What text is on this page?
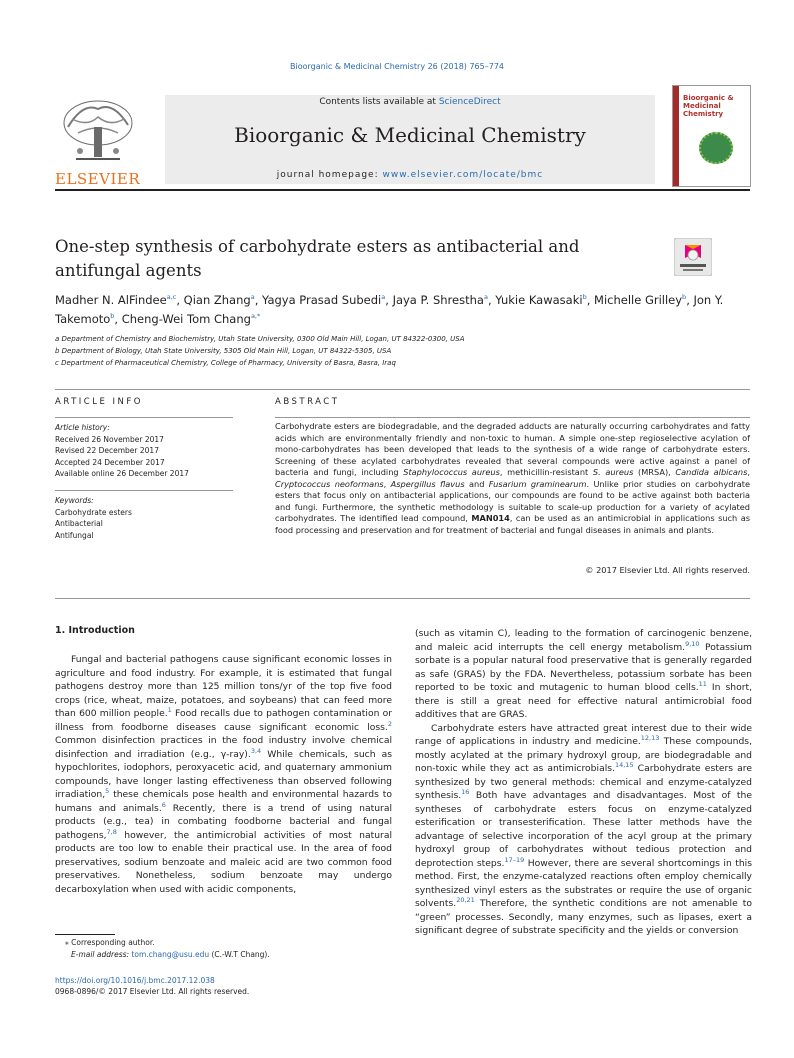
Bioorganic & Medicinal Chemistry 26 (2018) 765–774
ELSEVIER
Contents lists available at ScienceDirect
Bioorganic & Medicinal Chemistry
journal homepage: www.elsevier.com/locate/bmc
Bioorganic & Medicinal Chemistry
One-step synthesis of carbohydrate esters as antibacterial and antifungal agents
Madher N. AlFindee$^{a,c}$, Qian Zhang$^a$, Yagya Prasad Subedi$^a$, Jaya P. Shrestha$^a$, Yukie Kawasaki$^b$, Michelle Grilley$^b$, Jon Y. Takemoto$^b$, Cheng-Wei Tom Chang$^{a,*}$
a Department of Chemistry and Biochemistry, Utah State University, 0300 Old Main Hill, Logan, UT 84322-0300, USA
b Department of Biology, Utah State University, 5305 Old Main Hill, Logan, UT 84322-5305, USA
c Department of Pharmaceutical Chemistry, College of Pharmacy, University of Basra, Basra, Iraq
ARTICLE INFO	ABSTRACT
Article history:
Received 26 November 2017
Revised 22 December 2017
Accepted 24 December 2017
Available online 26 December 2017
Keywords:
Carbohydrate esters
Antibacterial
Antifungal
Carbohydrate esters are biodegradable, and the degraded adducts are naturally occurring carbohydrates and fatty acids which are environmentally friendly and non-toxic to human. A simple one-step regioselective acylation of mono-carbohydrates has been developed that leads to the synthesis of a wide range of carbohydrate esters. Screening of these acylated carbohydrates revealed that several compounds were active against a panel of bacteria and fungi, including Staphylococcus aureus, methicillin-resistant S. aureus (MRSA), Candida albicans, Cryptococcus neoformans, Aspergillus flavus and Fusarium graminearum. Unlike prior studies on carbohydrate esters that focus only on antibacterial applications, our compounds are found to be active against both bacteria and fungi. Furthermore, the synthetic methodology is suitable to scale-up production for a variety of acylated carbohydrates. The identified lead compound, MAN014, can be used as an antimicrobial in applications such as food processing and preservation and for treatment of bacterial and fungal diseases in animals and plants.
© 2017 Elsevier Ltd. All rights reserved.
1. Introduction

Fungal and bacterial pathogens cause significant economic losses in agriculture and food industry. For example, it is estimated that fungal pathogens destroy more than 125 million tons/yr of the top five food crops (rice, wheat, maize, potatoes, and soybeans) that can feed more than 600 million people.$^1$ Food recalls due to pathogen contamination or illness from foodborne diseases cause significant economic loss.$^2$ Common disinfection practices in the food industry involve chemical disinfection and irradiation (e.g., γ-ray).$^{3,4}$ While chemicals, such as hypochlorites, iodophors, peroxyacetic acid, and quaternary ammonium compounds, have longer lasting effectiveness than observed following irradiation,$^5$ these chemicals pose health and environmental hazards to humans and animals.$^6$ Recently, there is a trend of using natural products (e.g., tea) in combating foodborne bacterial and fungal pathogens,$^{7,8}$ however, the antimicrobial activities of most natural products are too low to enable their practical use. In the area of food preservatives, sodium benzoate and maleic acid are two common food preservatives. Nonetheless, sodium benzoate may undergo decarboxylation when used with acidic components,

(such as vitamin C), leading to the formation of carcinogenic benzene, and maleic acid interrupts the cell energy metabolism.$^{9,10}$ Potassium sorbate is a popular natural food preservative that is generally regarded as safe (GRAS) by the FDA. Nevertheless, potassium sorbate has been reported to be toxic and mutagenic to human blood cells.$^{11}$ In short, there is still a great need for effective natural antimicrobial food additives that are GRAS.

Carbohydrate esters have attracted great interest due to their wide range of applications in industry and medicine.$^{12,13}$ These compounds, mostly acylated at the primary hydroxyl group, are biodegradable and non-toxic while they act as antimicrobials.$^{14,15}$ Carbohydrate esters are synthesized by two general methods: chemical and enzyme-catalyzed synthesis.$^{16}$ Both have advantages and disadvantages. Most of the syntheses of carbohydrate esters focus on enzyme-catalyzed esterification or transesterification. These latter methods have the advantage of selective incorporation of the acyl group at the primary hydroxyl group of carbohydrates without tedious protection and deprotection steps.$^{17-19}$ However, there are several shortcomings in this method. First, the enzyme-catalyzed reactions often employ chemically synthesized vinyl esters as the substrates or require the use of organic solvents.$^{20,21}$ Therefore, the synthetic conditions are not amenable to “green” processes. Secondly, many enzymes, such as lipases, exert a significant degree of substrate specificity and the yields or conversion

⁎ Corresponding author.
E-mail address: tom.chang@usu.edu (C.-W.T Chang).
https://doi.org/10.1016/j.bmc.2017.12.038
0968-0896/© 2017 Elsevier Ltd. All rights reserved.
